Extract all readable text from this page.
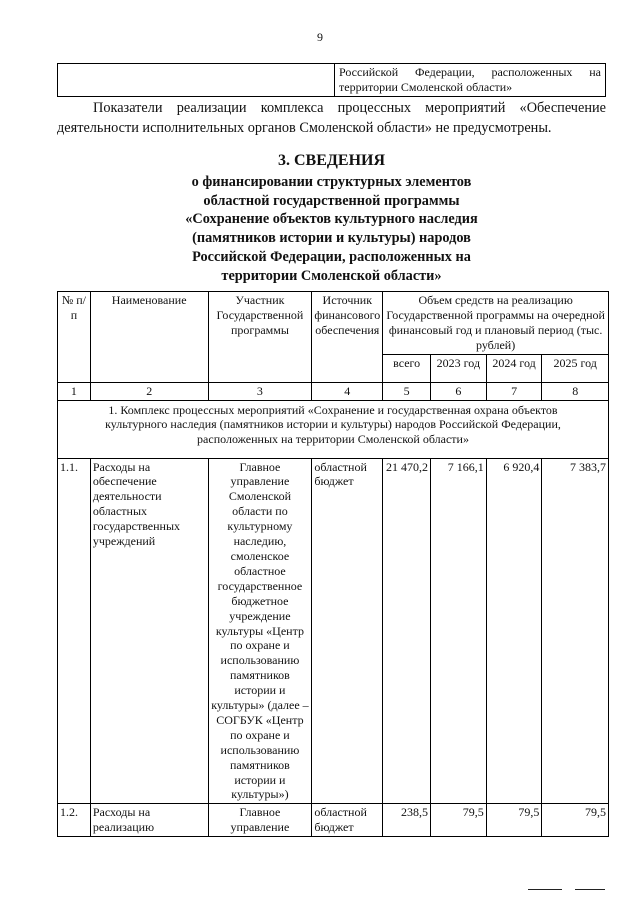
9
	Российской Федерации, расположенных на территории Смоленской области»
Показатели реализации комплекса процессных мероприятий «Обеспечение деятельности исполнительных органов Смоленской области» не предусмотрены.
3. СВЕДЕНИЯ
о финансировании структурных элементов
областной государственной программы
«Сохранение объектов культурного наследия
(памятников истории и культуры) народов
Российской Федерации, расположенных на
территории Смоленской области»
№ п/п	Наименование	Участник Государственной программы	Источник финансового обеспечения	Объем средств на реализацию Государственной программы на очередной финансовый год и плановый период (тыс. рублей)			
				всего	2023 год	2024 год	2025 год
1	2	3	4	5	6	7	8
1. Комплекс процессных мероприятий «Сохранение и государственная охрана объектов культурного наследия (памятников истории и культуры) народов Российской Федерации, расположенных на территории Смоленской области»							
1.1.	Расходы на обеспечение деятельности областных государственных учреждений	Главное управление Смоленской области по культурному наследию, смоленское областное государственное бюджетное учреждение культуры «Центр по охране и использованию памятников истории и культуры» (далее – СОГБУК «Центр по охране и использованию памятников истории и культуры»)	областной бюджет	21 470,2	7 166,1	6 920,4	7 383,7
1.2.	Расходы на реализацию	Главное управление	областной бюджет	238,5	79,5	79,5	79,5
